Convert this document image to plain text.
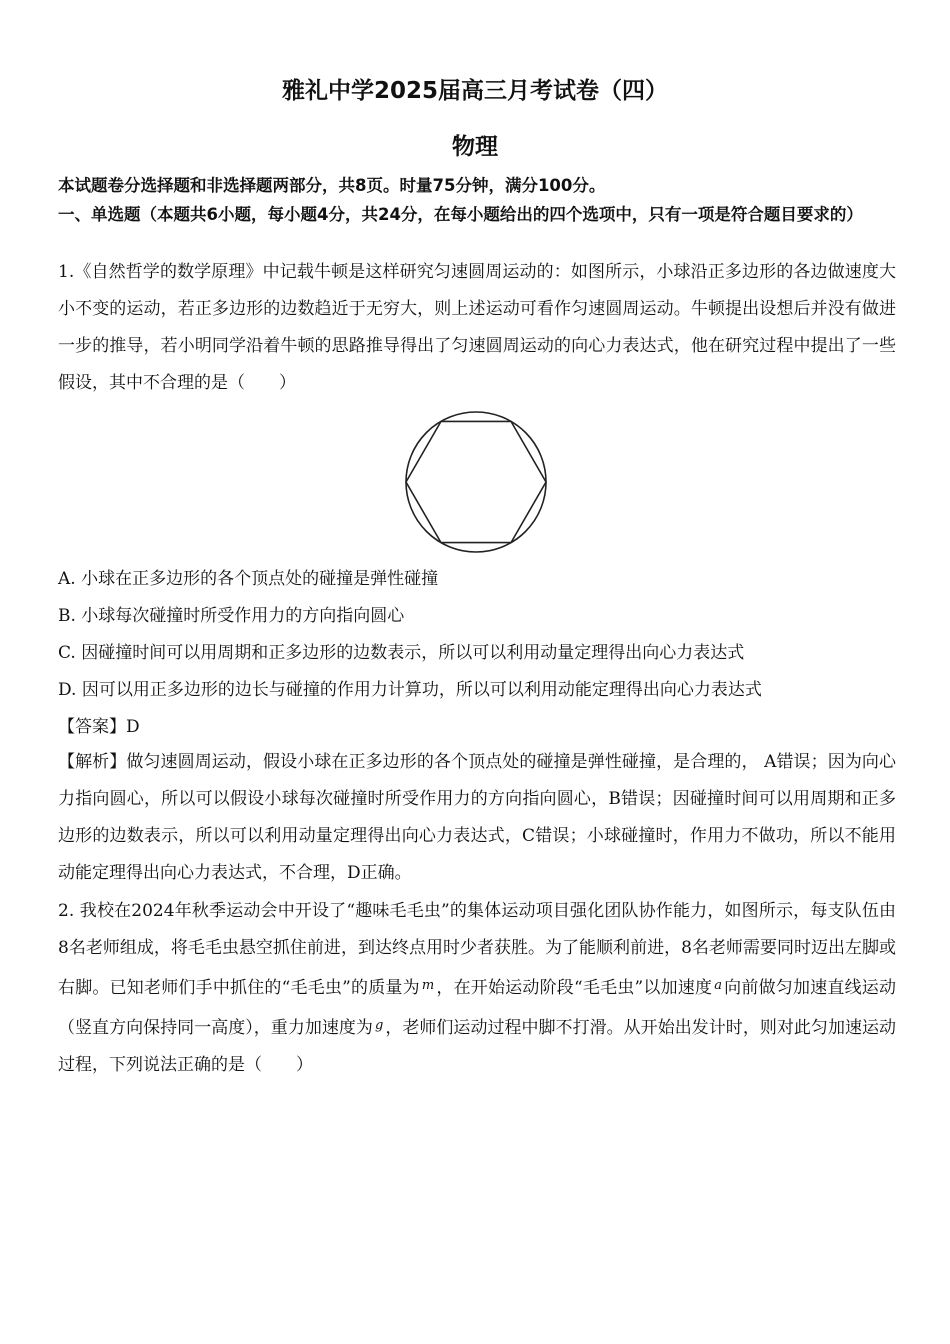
雅礼中学2025届高三月考试卷（四）
物理
本试题卷分选择题和非选择题两部分，共8页。时量75分钟，满分100分。
一、单选题（本题共6小题，每小题4分，共24分，在每小题给出的四个选项中，只有一项是符合题目要求的）
1.《自然哲学的数学原理》中记载牛顿是这样研究匀速圆周运动的：如图所示，小球沿正多边形的各边做速度大小不变的运动，若正多边形的边数趋近于无穷大，则上述运动可看作匀速圆周运动。牛顿提出设想后并没有做进一步的推导，若小明同学沿着牛顿的思路推导得出了匀速圆周运动的向心力表达式，他在研究过程中提出了一些假设，其中不合理的是（　　）
A. 小球在正多边形的各个顶点处的碰撞是弹性碰撞
B. 小球每次碰撞时所受作用力的方向指向圆心
C. 因碰撞时间可以用周期和正多边形的边数表示，所以可以利用动量定理得出向心力表达式
D. 因可以用正多边形的边长与碰撞的作用力计算功，所以可以利用动能定理得出向心力表达式
【答案】D
【解析】做匀速圆周运动，假设小球在正多边形的各个顶点处的碰撞是弹性碰撞，是合理的， A错误；因为向心力指向圆心，所以可以假设小球每次碰撞时所受作用力的方向指向圆心，B错误；因碰撞时间可以用周期和正多边形的边数表示，所以可以利用动量定理得出向心力表达式，C错误；小球碰撞时，作用力不做功，所以不能用动能定理得出向心力表达式，不合理，D正确。
2. 我校在2024年秋季运动会中开设了“趣味毛毛虫”的集体运动项目强化团队协作能力，如图所示，每支队伍由8名老师组成，将毛毛虫悬空抓住前进，到达终点用时少者获胜。为了能顺利前进，8名老师需要同时迈出左脚或右脚。已知老师们手中抓住的“毛毛虫”的质量为 $^m$ ，在开始运动阶段“毛毛虫”以加速度 $^a$ 向前做匀加速直线运动（竖直方向保持同一高度），重力加速度为 $^g$ ，老师们运动过程中脚不打滑。从开始出发计时，则对此匀加速运动过程，下列说法正确的是（　　）
